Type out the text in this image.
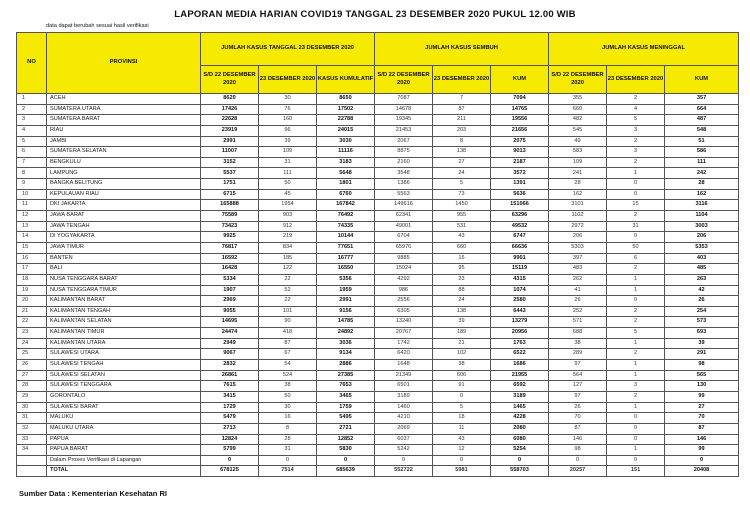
LAPORAN MEDIA HARIAN COVID19 TANGGAL 23 DESEMBER 2020 PUKUL 12.00 WIB
data dapat berubah sesuai hasil verifikasi
NO	PROVINSI	JUMLAH KASUS TANGGAL 23 DESEMBER 2020			JUMLAH KASUS SEMBUH			JUMLAH KASUS MENINGGAL		
		S/D 22 DESEMBER 2020	23 DESEMBER 2020	KASUS KUMULATIF	S/D 22 DESEMBER 2020	23 DESEMBER 2020	KUM	S/D 22 DESEMBER 2020	23 DESEMBER 2020	KUM
1	ACEH	8620	30	8650	7087	7	7094	355	2	357
2	SUMATERA UTARA	17426	76	17502	14678	87	14765	660	4	664
3	SUMATERA BARAT	22628	160	22788	19345	211	19556	482	5	487
4	RIAU	23919	96	24015	21453	203	21656	545	3	548
5	JAMBI	2991	39	3030	2067	8	2075	49	2	51
6	SUMATERA SELATAN	11007	109	11116	8875	138	9013	583	3	586
7	BENGKULU	3152	31	3183	2160	27	2187	109	2	111
8	LAMPUNG	5537	111	5648	3548	24	3572	241	1	242
9	BANGKA BELITUNG	1751	50	1801	1386	5	1391	28	0	28
10	KEPULAUAN RIAU	6715	45	6760	5563	73	5636	162	0	162
11	DKI JAKARTA	165888	1954	167842	149616	1450	151066	3101	15	3116
12	JAWA BARAT	75589	903	76492	62341	955	63296	1102	2	1104
13	JAWA TENGAH	73423	912	74335	49001	531	49532	2972	31	3003
14	DI YOGYAKARTA	9925	219	10144	6704	43	6747	206	0	206
15	JAWA TIMUR	76817	834	77651	65976	660	66636	5303	50	5353
16	BANTEN	16592	185	16777	9885	16	9901	397	6	403
17	BALI	16428	122	16550	15024	95	15119	483	2	485
18	NUSA TENGGARA BARAT	5334	22	5356	4292	23	4315	262	1	263
19	NUSA TENGGARA TIMUR	1907	52	1959	986	88	1074	41	1	42
20	KALIMANTAN BARAT	2969	22	2991	2556	24	2580	26	0	26
21	KALIMANTAN TENGAH	9055	101	9156	6305	138	6443	252	2	254
22	KALIMANTAN SELATAN	14695	90	14785	13240	39	13279	571	2	573
23	KALIMANTAN TIMUR	24474	418	24892	20767	189	20956	688	5	693
24	KALIMANTAN UTARA	2949	87	3036	1742	21	1763	38	1	39
25	SULAWESI UTARA	9067	67	9134	6420	102	6522	289	2	291
26	SULAWESI TENGAH	2832	54	2886	1648	38	1686	97	1	98
27	SULAWESI SELATAN	26861	524	27385	21349	606	21955	564	1	565
28	SULAWESI TENGGARA	7615	38	7653	6501	91	6592	127	3	130
29	GORONTALO	3415	50	3465	3189	0	3189	97	2	99
30	SULAWESI BARAT	1729	30	1759	1460	5	1465	26	1	27
31	MALUKU	5479	16	5495	4210	18	4228	70	0	70
32	MALUKU UTARA	2713	8	2721	2069	11	2080	87	0	87
33	PAPUA	12824	28	12852	6037	43	6080	146	0	146
34	PAPUA BARAT	5799	31	5830	5242	12	5254	98	1	99
	Dalam Proses Verifikasi di Lapangan	0	0	0	0	0	0	0	0	0
	TOTAL	678125	7514	685639	552722	5981	558703	20257	151	20408
Sumber Data : Kementerian Kesehatan RI
